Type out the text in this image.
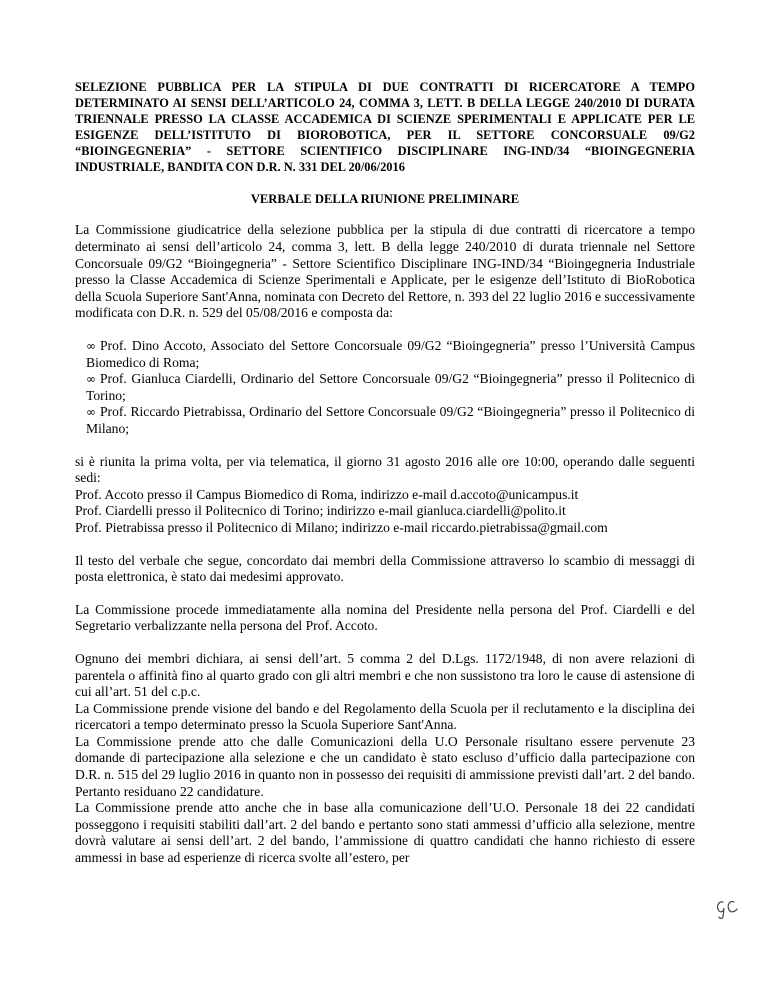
SELEZIONE PUBBLICA PER LA STIPULA DI DUE CONTRATTI DI RICERCATORE A TEMPO DETERMINATO AI SENSI DELL’ARTICOLO 24, COMMA 3, LETT. B DELLA LEGGE 240/2010 DI DURATA TRIENNALE PRESSO LA CLASSE ACCADEMICA DI SCIENZE SPERIMENTALI E APPLICATE PER LE ESIGENZE DELL’ISTITUTO DI BIOROBOTICA, PER IL SETTORE CONCORSUALE 09/G2 “BIOINGEGNERIA” - SETTORE SCIENTIFICO DISCIPLINARE ING-IND/34 “BIOINGEGNERIA INDUSTRIALE, BANDITA CON D.R. N. 331 DEL 20/06/2016

VERBALE DELLA RIUNIONE PRELIMINARE

La Commissione giudicatrice della selezione pubblica per la stipula di due contratti di ricercatore a tempo determinato ai sensi dell’articolo 24, comma 3, lett. B della legge 240/2010 di durata triennale nel Settore Concorsuale 09/G2 “Bioingegneria” - Settore Scientifico Disciplinare ING-IND/34 “Bioingegneria Industriale presso la Classe Accademica di Scienze Sperimentali e Applicate, per le esigenze dell’Istituto di BioRobotica della Scuola Superiore Sant'Anna, nominata con Decreto del Rettore, n. 393 del 22 luglio 2016 e successivamente modificata con D.R. n. 529 del 05/08/2016 e composta da:

∞ Prof. Dino Accoto, Associato del Settore Concorsuale 09/G2 “Bioingegneria” presso l’Università Campus Biomedico di Roma;
∞ Prof. Gianluca Ciardelli, Ordinario del Settore Concorsuale 09/G2 “Bioingegneria” presso il Politecnico di Torino;
∞ Prof. Riccardo Pietrabissa, Ordinario del Settore Concorsuale 09/G2 “Bioingegneria” presso il Politecnico di Milano;

si è riunita la prima volta, per via telematica, il giorno 31 agosto 2016 alle ore 10:00, operando dalle seguenti sedi:

Prof. Accoto presso il Campus Biomedico di Roma, indirizzo e-mail d.accoto@unicampus.it

Prof. Ciardelli presso il Politecnico di Torino; indirizzo e-mail gianluca.ciardelli@polito.it

Prof. Pietrabissa presso il Politecnico di Milano; indirizzo e-mail riccardo.pietrabissa@gmail.com

Il testo del verbale che segue, concordato dai membri della Commissione attraverso lo scambio di messaggi di posta elettronica, è stato dai medesimi approvato.

La Commissione procede immediatamente alla nomina del Presidente nella persona del Prof. Ciardelli e del Segretario verbalizzante nella persona del Prof. Accoto.

Ognuno dei membri dichiara, ai sensi dell’art. 5 comma 2 del D.Lgs. 1172/1948, di non avere relazioni di parentela o affinità fino al quarto grado con gli altri membri e che non sussistono tra loro le cause di astensione di cui all’art. 51 del c.p.c.

La Commissione prende visione del bando e del Regolamento della Scuola per il reclutamento e la disciplina dei ricercatori a tempo determinato presso la Scuola Superiore Sant'Anna.

La Commissione prende atto che dalle Comunicazioni della U.O Personale risultano essere pervenute 23 domande di partecipazione alla selezione e che un candidato è stato escluso d’ufficio dalla partecipazione con D.R. n. 515 del 29 luglio 2016 in quanto non in possesso dei requisiti di ammissione previsti dall’art. 2 del bando. Pertanto residuano 22 candidature.

La Commissione prende atto anche che in base alla comunicazione dell’U.O. Personale 18 dei 22 candidati posseggono i requisiti stabiliti dall’art. 2 del bando e pertanto sono stati ammessi d’ufficio alla selezione, mentre dovrà valutare ai sensi dell’art. 2 del bando, l’ammissione di quattro candidati che hanno richiesto di essere ammessi in base ad esperienze di ricerca svolte all’estero, per
